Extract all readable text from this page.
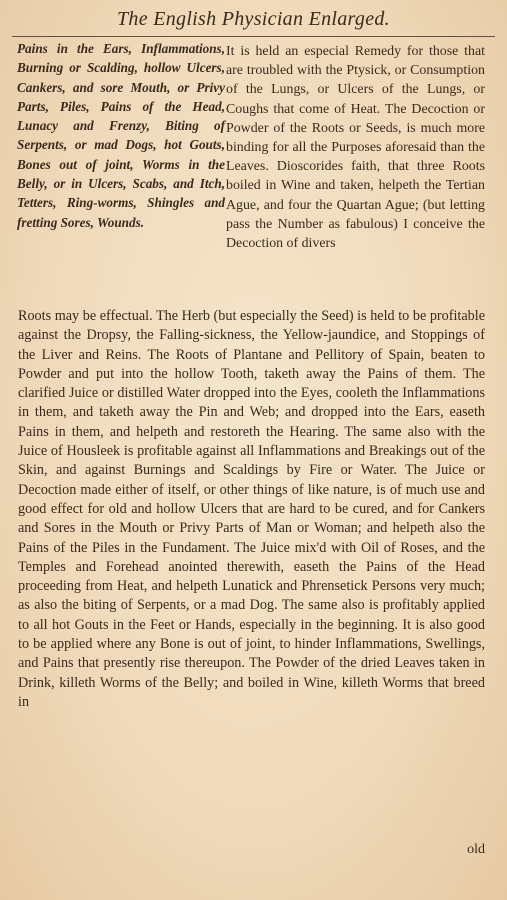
The English Physician Enlarged.

Pains in the Ears, Inflammations, Burning or Scalding, hollow Ulcers, Cankers, and sore Mouth, or Privy Parts, Piles, Pains of the Head, Lunacy and Frenzy, Biting of Serpents, or mad Dogs, hot Gouts, Bones out of joint, Worms in the Belly, or in Ulcers, Scabs, and Itch, Tetters, Ring-worms, Shingles and fretting Sores, Wounds.

It is held an especial Remedy for those that are troubled with the Ptysick, or Consumption of the Lungs, or Ulcers of the Lungs, or Coughs that come of Heat. The Decoction or Powder of the Roots or Seeds, is much more binding for all the Purposes aforesaid than the Leaves. Dioscorides faith, that three Roots boiled in Wine and taken, helpeth the Tertian Ague, and four the Quartan Ague; (but letting pass the Number as fabulous) I conceive the Decoction of divers

Roots may be effectual. The Herb (but especially the Seed) is held to be profitable against the Dropsy, the Falling-sickness, the Yellow-jaundice, and Stoppings of the Liver and Reins. The Roots of Plantane and Pellitory of Spain, beaten to Powder and put into the hollow Tooth, taketh away the Pains of them. The clarified Juice or distilled Water dropped into the Eyes, cooleth the Inflammations in them, and taketh away the Pin and Web; and dropped into the Ears, easeth Pains in them, and helpeth and restoreth the Hearing. The same also with the Juice of Housleek is profitable against all Inflammations and Breakings out of the Skin, and against Burnings and Scaldings by Fire or Water. The Juice or Decoction made either of itself, or other things of like nature, is of much use and good effect for old and hollow Ulcers that are hard to be cured, and for Cankers and Sores in the Mouth or Privy Parts of Man or Woman; and helpeth also the Pains of the Piles in the Fundament. The Juice mix'd with Oil of Roses, and the Temples and Forehead anointed therewith, easeth the Pains of the Head proceeding from Heat, and helpeth Lunatick and Phrensetick Persons very much; as also the biting of Serpents, or a mad Dog. The same also is profitably applied to all hot Gouts in the Feet or Hands, especially in the beginning. It is also good to be applied where any Bone is out of joint, to hinder Inflammations, Swellings, and Pains that presently rise thereupon. The Powder of the dried Leaves taken in Drink, killeth Worms of the Belly; and boiled in Wine, killeth Worms that breed in

old
